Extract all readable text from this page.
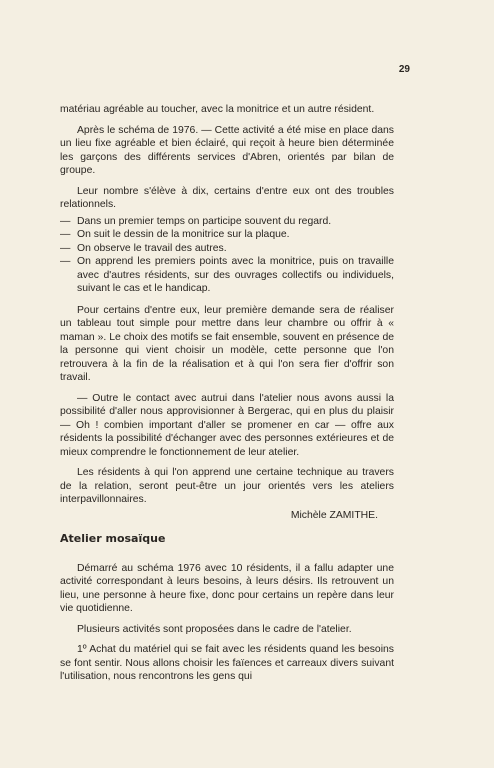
29

matériau agréable au toucher, avec la monitrice et un autre résident.

Après le schéma de 1976. — Cette activité a été mise en place dans un lieu fixe agréable et bien éclairé, qui reçoit à heure bien déterminée les garçons des différents services d'Abren, orientés par bilan de groupe.

Leur nombre s'élève à dix, certains d'entre eux ont des troubles relationnels.

— Dans un premier temps on participe souvent du regard.
— On suit le dessin de la monitrice sur la plaque.
— On observe le travail des autres.
— On apprend les premiers points avec la monitrice, puis on travaille avec d'autres résidents, sur des ouvrages collectifs ou individuels, suivant le cas et le handicap.

Pour certains d'entre eux, leur première demande sera de réaliser un tableau tout simple pour mettre dans leur chambre ou offrir à « maman ». Le choix des motifs se fait ensemble, souvent en présence de la personne qui vient choisir un modèle, cette personne que l'on retrouvera à la fin de la réalisation et à qui l'on sera fier d'offrir son travail.

— Outre le contact avec autrui dans l'atelier nous avons aussi la possibilité d'aller nous approvisionner à Bergerac, qui en plus du plaisir — Oh ! combien important d'aller se promener en car — offre aux résidents la possibilité d'échanger avec des personnes extérieures et de mieux comprendre le fonctionnement de leur atelier.

Les résidents à qui l'on apprend une certaine technique au travers de la relation, seront peut-être un jour orientés vers les ateliers interpavillonnaires.

Michèle ZAMITHE.

Atelier mosaïque

Démarré au schéma 1976 avec 10 résidents, il a fallu adapter une activité correspondant à leurs besoins, à leurs désirs. Ils retrouvent un lieu, une personne à heure fixe, donc pour certains un repère dans leur vie quotidienne.

Plusieurs activités sont proposées dans le cadre de l'atelier.

1º Achat du matériel qui se fait avec les résidents quand les besoins se font sentir. Nous allons choisir les faïences et carreaux divers suivant l'utilisation, nous rencontrons les gens qui
